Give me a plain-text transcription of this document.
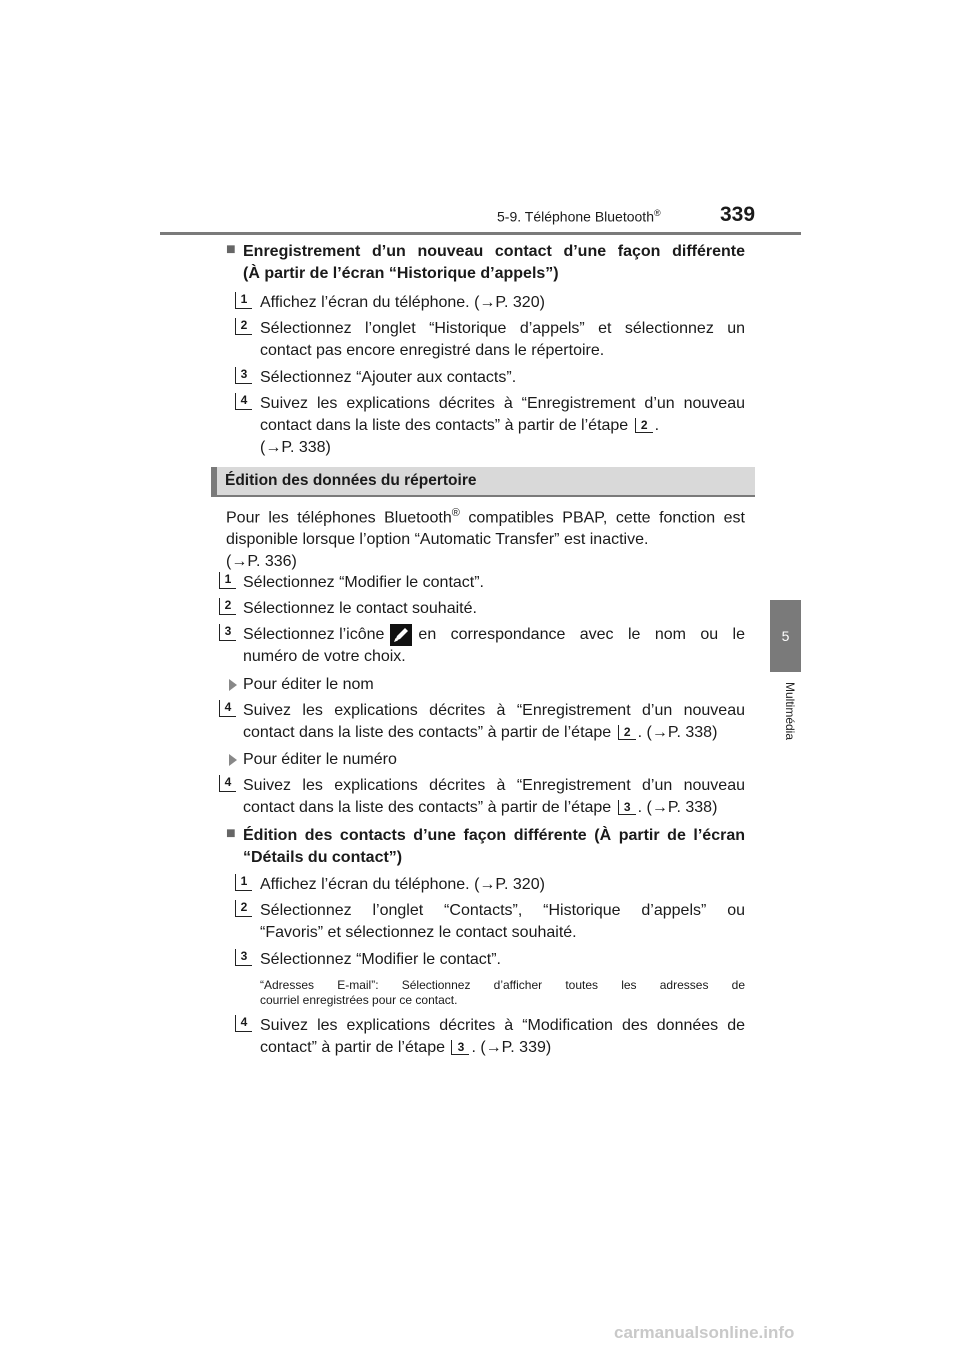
5-9. Téléphone Bluetooth®	339
5
Multimédia
■ Enregistrement d’un nouveau contact d’une façon différente
(À partir de l’écran “Historique d’appels”)
1 Affichez l’écran du téléphone. (→P. 320)
2 Sélectionnez l’onglet “Historique d’appels” et sélectionnez un
contact pas encore enregistré dans le répertoire.
3 Sélectionnez “Ajouter aux contacts”.
4 Suivez les explications décrites à “Enregistrement d’un nouveau
contact dans la liste des contacts” à partir de l’étape 2 .
(→P. 338)
Édition des données du répertoire
Pour les téléphones Bluetooth® compatibles PBAP, cette fonction est
disponible lorsque l’option “Automatic Transfer” est inactive.
(→P. 336)
1 Sélectionnez “Modifier le contact”.
2 Sélectionnez le contact souhaité.
3 Sélectionnez l’icône en correspondance avec le nom ou le
numéro de votre choix.
Pour éditer le nom
4 Suivez les explications décrites à “Enregistrement d’un nouveau
contact dans la liste des contacts” à partir de l’étape 2 . (→P. 338)
Pour éditer le numéro
4 Suivez les explications décrites à “Enregistrement d’un nouveau
contact dans la liste des contacts” à partir de l’étape 3 . (→P. 338)
■ Édition des contacts d’une façon différente (À partir de l’écran
“Détails du contact”)
1 Affichez l’écran du téléphone. (→P. 320)
2 Sélectionnez l’onglet “Contacts”, “Historique d’appels” ou
“Favoris” et sélectionnez le contact souhaité.
3 Sélectionnez “Modifier le contact”.
“Adresses E-mail”: Sélectionnez d’afficher toutes les adresses de
courriel enregistrées pour ce contact.
4 Suivez les explications décrites à “Modification des données de
contact” à partir de l’étape 3 . (→P. 339)
carmanualsonline.info
